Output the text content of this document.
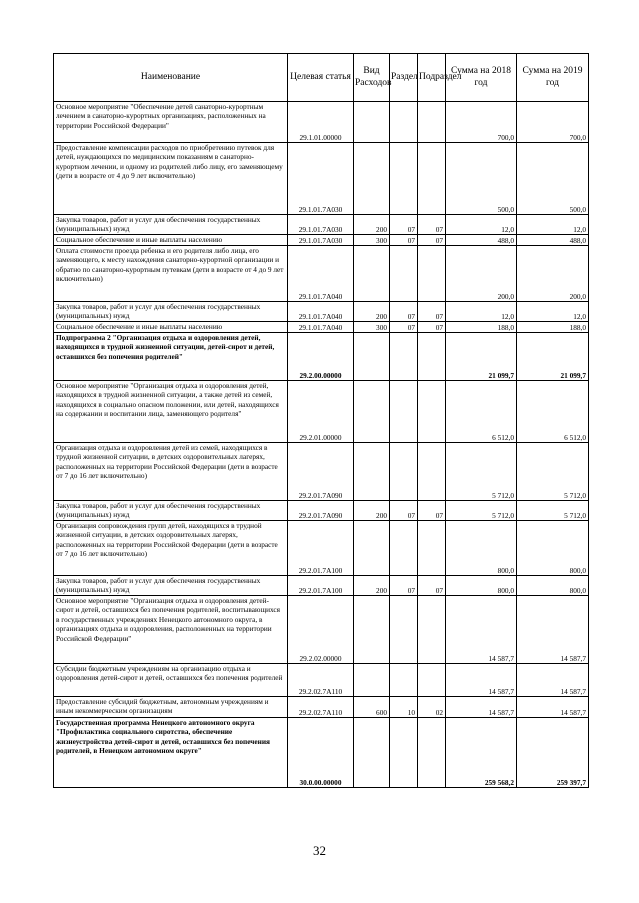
Наименование	Целевая статья	Вид Расходов	Раздел	Подраздел	Сумма на 2018 год	Сумма на 2019 год
Основное мероприятие "Обеспечение детей санаторно-курортным лечением в санаторно-курортных организациях, расположенных на территории Российской Федерации"	29.1.01.00000				700,0	700,0
Предоставление компенсации расходов по приобретению путевок для детей, нуждающихся по медицинским показаниям в санаторно-курортном лечении, и одному из родителей либо лицу, его заменяющему (дети в возрасте от 4 до 9 лет включительно)	29.1.01.7А030				500,0	500,0
Закупка товаров, работ и услуг для обеспечения государственных (муниципальных) нужд	29.1.01.7А030	200	07	07	12,0	12,0
Социальное обеспечение и иные выплаты населению	29.1.01.7А030	300	07	07	488,0	488,0
Оплата стоимости проезда ребенка и его родителя либо лица, его заменяющего, к месту нахождения санаторно-курортной организации и обратно по санаторно-курортным путевкам (дети в возрасте от 4 до 9 лет включительно)	29.1.01.7А040				200,0	200,0
Закупка товаров, работ и услуг для обеспечения государственных (муниципальных) нужд	29.1.01.7А040	200	07	07	12,0	12,0
Социальное обеспечение и иные выплаты населению	29.1.01.7А040	300	07	07	188,0	188,0
Подпрограмма 2 "Организация отдыха и оздоровления детей, находящихся в трудной жизненной ситуации, детей-сирот и детей, оставшихся без попечения родителей"	29.2.00.00000				21 099,7	21 099,7
Основное мероприятие "Организация отдыха и оздоровления детей, находящихся в трудной жизненной ситуации, а также детей из семей, находящихся в социально опасном положении, или детей, находящихся на содержании и воспитании лица, заменяющего родителя"	29.2.01.00000				6 512,0	6 512,0
Организация отдыха и оздоровления детей из семей, находящихся в трудной жизненной ситуации, в детских оздоровительных лагерях, расположенных на территории Российской Федерации (дети в возрасте от 7 до 16 лет включительно)	29.2.01.7А090				5 712,0	5 712,0
Закупка товаров, работ и услуг для обеспечения государственных (муниципальных) нужд	29.2.01.7А090	200	07	07	5 712,0	5 712,0
Организация сопровождения групп детей, находящихся в трудной жизненной ситуации, в детских оздоровительных лагерях, расположенных на территории Российской Федерации (дети в возрасте от 7 до 16 лет включительно)	29.2.01.7А100				800,0	800,0
Закупка товаров, работ и услуг для обеспечения государственных (муниципальных) нужд	29.2.01.7А100	200	07	07	800,0	800,0
Основное мероприятие "Организация отдыха и оздоровления детей-сирот и детей, оставшихся без попечения родителей, воспитывающихся в государственных учреждениях Ненецкого автономного округа, в организациях отдыха и оздоровления, расположенных на территории Российской Федерации"	29.2.02.00000				14 587,7	14 587,7
Субсидии бюджетным учреждениям на организацию отдыха и оздоровления детей-сирот и детей, оставшихся без попечения родителей	29.2.02.7А110				14 587,7	14 587,7
Предоставление субсидий бюджетным, автономным учреждениям и иным некоммерческим организациям	29.2.02.7А110	600	10	02	14 587,7	14 587,7
Государственная программа Ненецкого автономного округа "Профилактика социального сиротства, обеспечение жизнеустройства детей-сирот и детей, оставшихся без попечения родителей, в Ненецком автономном округе"	30.0.00.00000				259 568,2	259 397,7
32
